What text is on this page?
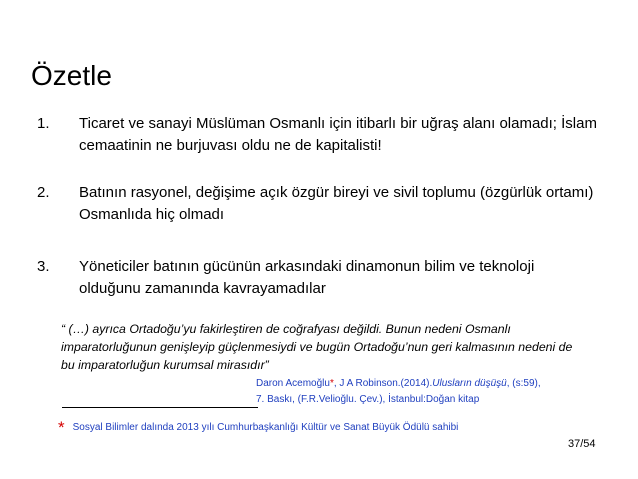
Özetle
1. Ticaret ve sanayi Müslüman Osmanlı için itibarlı bir uğraş alanı olamadı; İslam cemaatinin ne burjuvası oldu ne de kapitalisti!
2. Batının rasyonel, değişime açık özgür bireyi ve sivil toplumu (özgürlük ortamı) Osmanlıda hiç olmadı
3. Yöneticiler batının gücünün arkasındaki dinamonun bilim ve teknoloji olduğunu zamanında kavrayamadılar
“ (…) ayrıca Ortadoğu’yu fakirleştiren de coğrafyası değildi. Bunun nedeni Osmanlı imparatorluğunun genişleyip güçlenmesiydi ve bugün Ortadoğu’nun geri kalmasının nedeni de bu imparatorluğun kurumsal mirasıdır”
Daron Acemoğlu*, J A Robinson.(2014).Ulusların düşüşü, (s:59),
7. Baskı, (F.R.Velioğlu. Çev.), İstanbul:Doğan kitap
* Sosyal Bilimler dalında 2013 yılı Cumhurbaşkanlığı Kültür ve Sanat Büyük Ödülü sahibi
37/54
